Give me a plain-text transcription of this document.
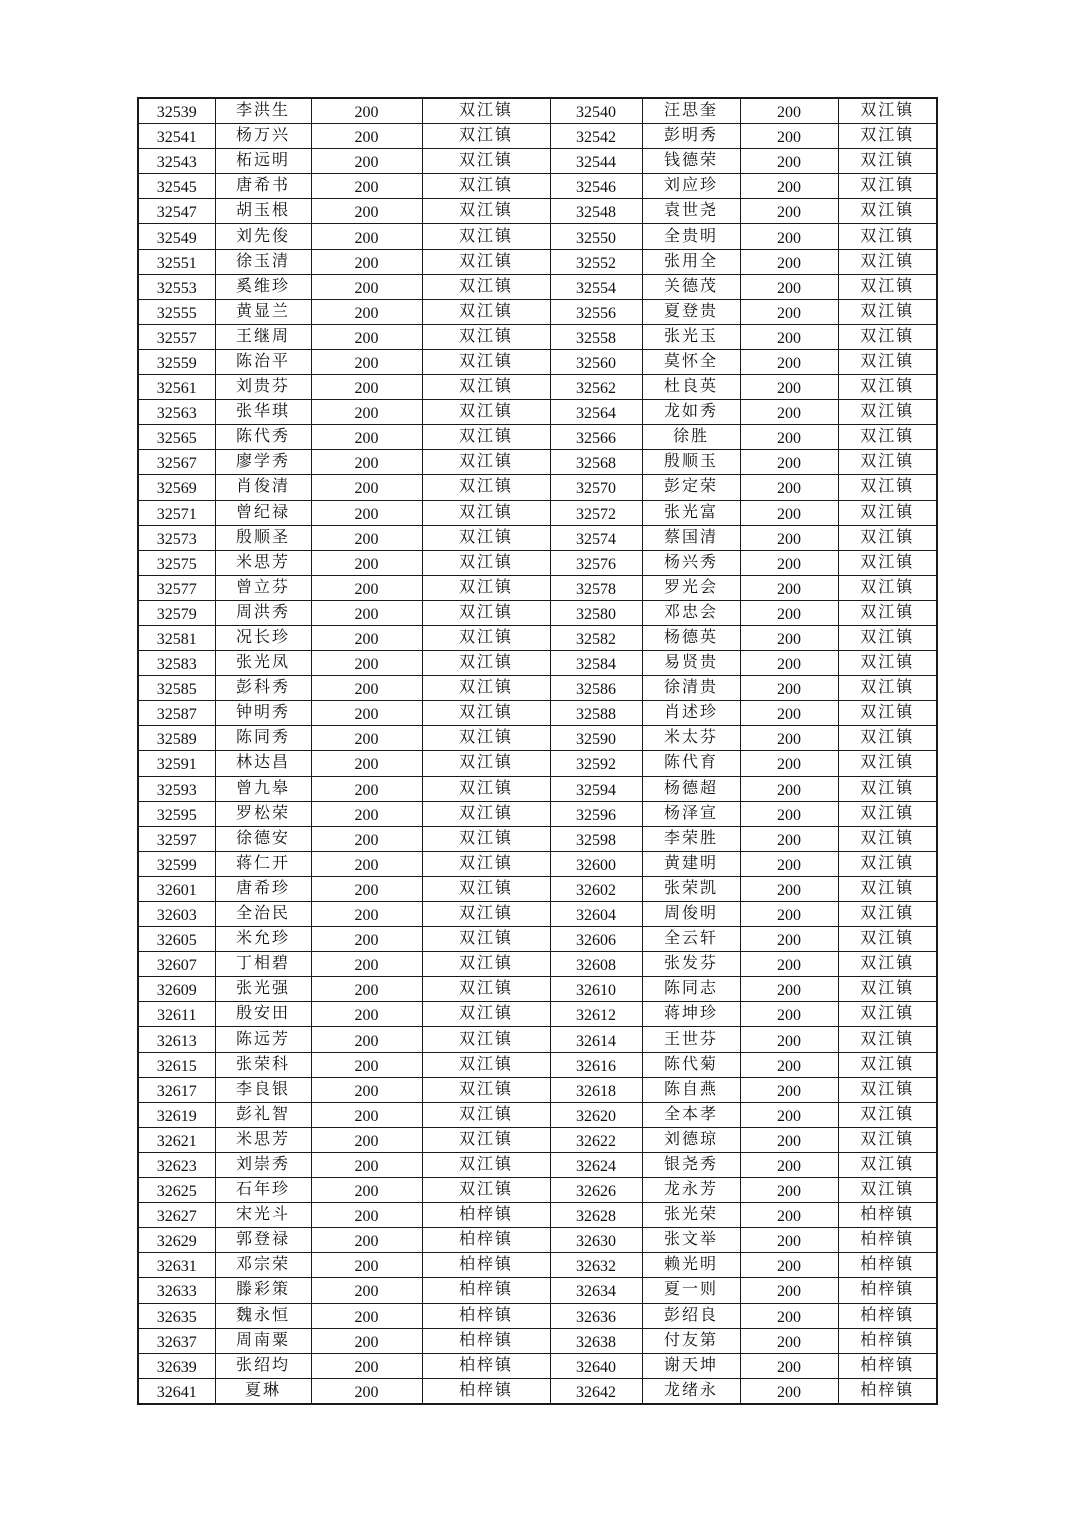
32539	李洪生	200	双江镇	32540	汪思奎	200	双江镇
32541	杨万兴	200	双江镇	32542	彭明秀	200	双江镇
32543	柘远明	200	双江镇	32544	钱德荣	200	双江镇
32545	唐希书	200	双江镇	32546	刘应珍	200	双江镇
32547	胡玉根	200	双江镇	32548	袁世尧	200	双江镇
32549	刘先俊	200	双江镇	32550	全贵明	200	双江镇
32551	徐玉清	200	双江镇	32552	张用全	200	双江镇
32553	奚维珍	200	双江镇	32554	关德茂	200	双江镇
32555	黄显兰	200	双江镇	32556	夏登贵	200	双江镇
32557	王继周	200	双江镇	32558	张光玉	200	双江镇
32559	陈治平	200	双江镇	32560	莫怀全	200	双江镇
32561	刘贵芬	200	双江镇	32562	杜良英	200	双江镇
32563	张华琪	200	双江镇	32564	龙如秀	200	双江镇
32565	陈代秀	200	双江镇	32566	徐胜	200	双江镇
32567	廖学秀	200	双江镇	32568	殷顺玉	200	双江镇
32569	肖俊清	200	双江镇	32570	彭定荣	200	双江镇
32571	曾纪禄	200	双江镇	32572	张光富	200	双江镇
32573	殷顺圣	200	双江镇	32574	蔡国清	200	双江镇
32575	米思芳	200	双江镇	32576	杨兴秀	200	双江镇
32577	曾立芬	200	双江镇	32578	罗光会	200	双江镇
32579	周洪秀	200	双江镇	32580	邓忠会	200	双江镇
32581	况长珍	200	双江镇	32582	杨德英	200	双江镇
32583	张光凤	200	双江镇	32584	易贤贵	200	双江镇
32585	彭科秀	200	双江镇	32586	徐清贵	200	双江镇
32587	钟明秀	200	双江镇	32588	肖述珍	200	双江镇
32589	陈同秀	200	双江镇	32590	米太芬	200	双江镇
32591	林达昌	200	双江镇	32592	陈代育	200	双江镇
32593	曾九皋	200	双江镇	32594	杨德超	200	双江镇
32595	罗松荣	200	双江镇	32596	杨泽宣	200	双江镇
32597	徐德安	200	双江镇	32598	李荣胜	200	双江镇
32599	蒋仁开	200	双江镇	32600	黄建明	200	双江镇
32601	唐希珍	200	双江镇	32602	张荣凯	200	双江镇
32603	全治民	200	双江镇	32604	周俊明	200	双江镇
32605	米允珍	200	双江镇	32606	全云轩	200	双江镇
32607	丁相碧	200	双江镇	32608	张发芬	200	双江镇
32609	张光强	200	双江镇	32610	陈同志	200	双江镇
32611	殷安田	200	双江镇	32612	蒋坤珍	200	双江镇
32613	陈远芳	200	双江镇	32614	王世芬	200	双江镇
32615	张荣科	200	双江镇	32616	陈代菊	200	双江镇
32617	李良银	200	双江镇	32618	陈自燕	200	双江镇
32619	彭礼智	200	双江镇	32620	全本孝	200	双江镇
32621	米思芳	200	双江镇	32622	刘德琼	200	双江镇
32623	刘崇秀	200	双江镇	32624	银尧秀	200	双江镇
32625	石年珍	200	双江镇	32626	龙永芳	200	双江镇
32627	宋光斗	200	柏梓镇	32628	张光荣	200	柏梓镇
32629	郭登禄	200	柏梓镇	32630	张文举	200	柏梓镇
32631	邓宗荣	200	柏梓镇	32632	赖光明	200	柏梓镇
32633	滕彩策	200	柏梓镇	32634	夏一则	200	柏梓镇
32635	魏永恒	200	柏梓镇	32636	彭绍良	200	柏梓镇
32637	周南粟	200	柏梓镇	32638	付友第	200	柏梓镇
32639	张绍均	200	柏梓镇	32640	谢天坤	200	柏梓镇
32641	夏琳	200	柏梓镇	32642	龙绪永	200	柏梓镇
